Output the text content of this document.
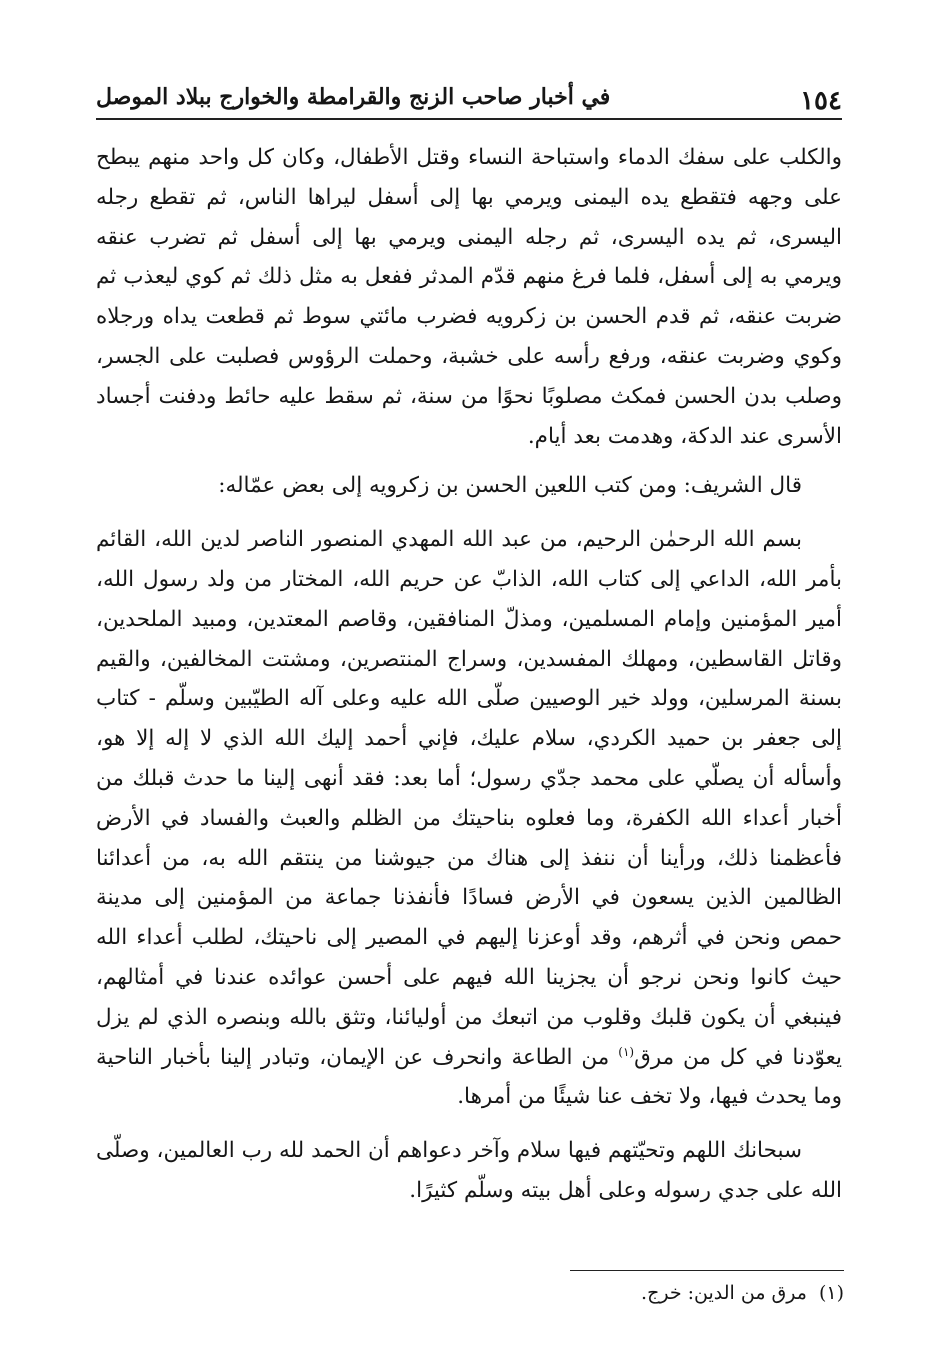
١٥٤
في أخبار صاحب الزنج والقرامطة والخوارج ببلاد الموصل

والكلب على سفك الدماء واستباحة النساء وقتل الأطفال، وكان كل واحد منهم يبطح على وجهه فتقطع يده اليمنى ويرمي بها إلى أسفل ليراها الناس، ثم تقطع رجله اليسرى، ثم يده اليسرى، ثم رجله اليمنى ويرمي بها إلى أسفل ثم تضرب عنقه ويرمي به إلى أسفل، فلما فرغ منهم قدّم المدثر ففعل به مثل ذلك ثم كوي ليعذب ثم ضربت عنقه، ثم قدم الحسن بن زكرويه فضرب مائتي سوط ثم قطعت يداه ورجلاه وكوي وضربت عنقه، ورفع رأسه على خشبة، وحملت الرؤوس فصلبت على الجسر، وصلب بدن الحسن فمكث مصلوبًا نحوًا من سنة، ثم سقط عليه حائط ودفنت أجساد الأسرى عند الدكة، وهدمت بعد أيام.

قال الشريف: ومن كتب اللعين الحسن بن زكرويه إلى بعض عمّاله:

بسم الله الرحمٰن الرحيم، من عبد الله المهدي المنصور الناصر لدين الله، القائم بأمر الله، الداعي إلى كتاب الله، الذابّ عن حريم الله، المختار من ولد رسول الله، أمير المؤمنين وإمام المسلمين، ومذلّ المنافقين، وقاصم المعتدين، ومبيد الملحدين، وقاتل القاسطين، ومهلك المفسدين، وسراج المنتصرين، ومشتت المخالفين، والقيم بسنة المرسلين، وولد خير الوصيين صلّى الله عليه وعلى آله الطيّبين وسلّم - كتاب إلى جعفر بن حميد الكردي، سلام عليك، فإني أحمد إليك الله الذي لا إله إلا هو، وأسأله أن يصلّي على محمد جدّي رسول؛ أما بعد: فقد أنهى إلينا ما حدث قبلك من أخبار أعداء الله الكفرة، وما فعلوه بناحيتك من الظلم والعبث والفساد في الأرض فأعظمنا ذلك، ورأينا أن ننفذ إلى هناك من جيوشنا من ينتقم الله به، من أعدائنا الظالمين الذين يسعون في الأرض فسادًا فأنفذنا جماعة من المؤمنين إلى مدينة حمص ونحن في أثرهم، وقد أوعزنا إليهم في المصير إلى ناحيتك، لطلب أعداء الله حيث كانوا ونحن نرجو أن يجزينا الله فيهم على أحسن عوائده عندنا في أمثالهم، فينبغي أن يكون قلبك وقلوب من اتبعك من أوليائنا، وتثق بالله وبنصره الذي لم يزل يعوّدنا في كل من مرق$^{(١)}$ من الطاعة وانحرف عن الإيمان، وتبادر إلينا بأخبار الناحية وما يحدث فيها، ولا تخف عنا شيئًا من أمرها.

سبحانك اللهم وتحيّتهم فيها سلام وآخر دعواهم أن الحمد لله رب العالمين، وصلّى الله على جدي رسوله وعلى أهل بيته وسلّم كثيرًا.

(١)مرق من الدين: خرج.
